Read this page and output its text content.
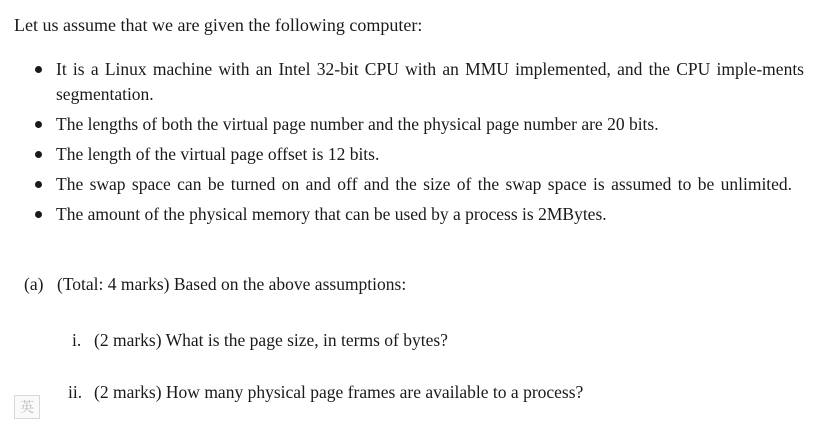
Let us assume that we are given the following computer:
It is a Linux machine with an Intel 32-bit CPU with an MMU implemented, and the CPU imple-ments segmentation.
The lengths of both the virtual page number and the physical page number are 20 bits.
The length of the virtual page offset is 12 bits.
The swap space can be turned on and off and the size of the swap space is assumed to be unlimited.
The amount of the physical memory that can be used by a process is 2MBytes.
(a) (Total: 4 marks) Based on the above assumptions:
i. (2 marks) What is the page size, in terms of bytes?
ii. (2 marks) How many physical page frames are available to a process?
英
